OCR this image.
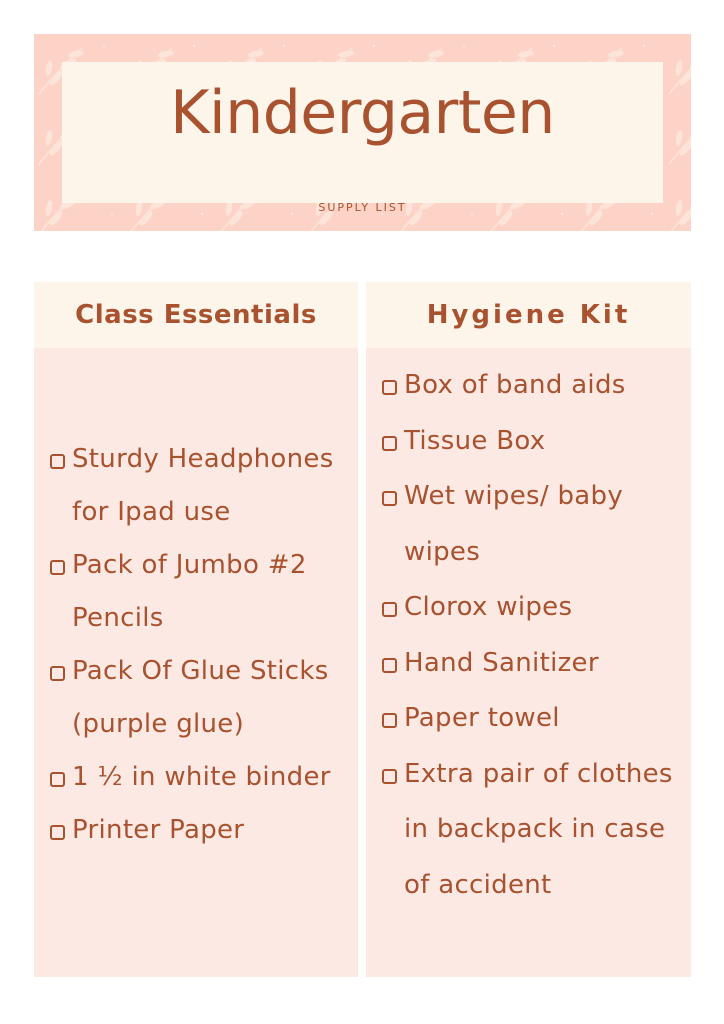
Kindergarten
SUPPLY LIST
Class Essentials
Sturdy Headphones for Ipad use
Pack of Jumbo #2 Pencils
Pack Of Glue Sticks (purple glue)
1 ½ in white binder
Printer Paper
Hygiene Kit
Box of band aids
Tissue Box
Wet wipes/ baby wipes
Clorox wipes
Hand Sanitizer
Paper towel
Extra pair of clothes in backpack in case of accident
